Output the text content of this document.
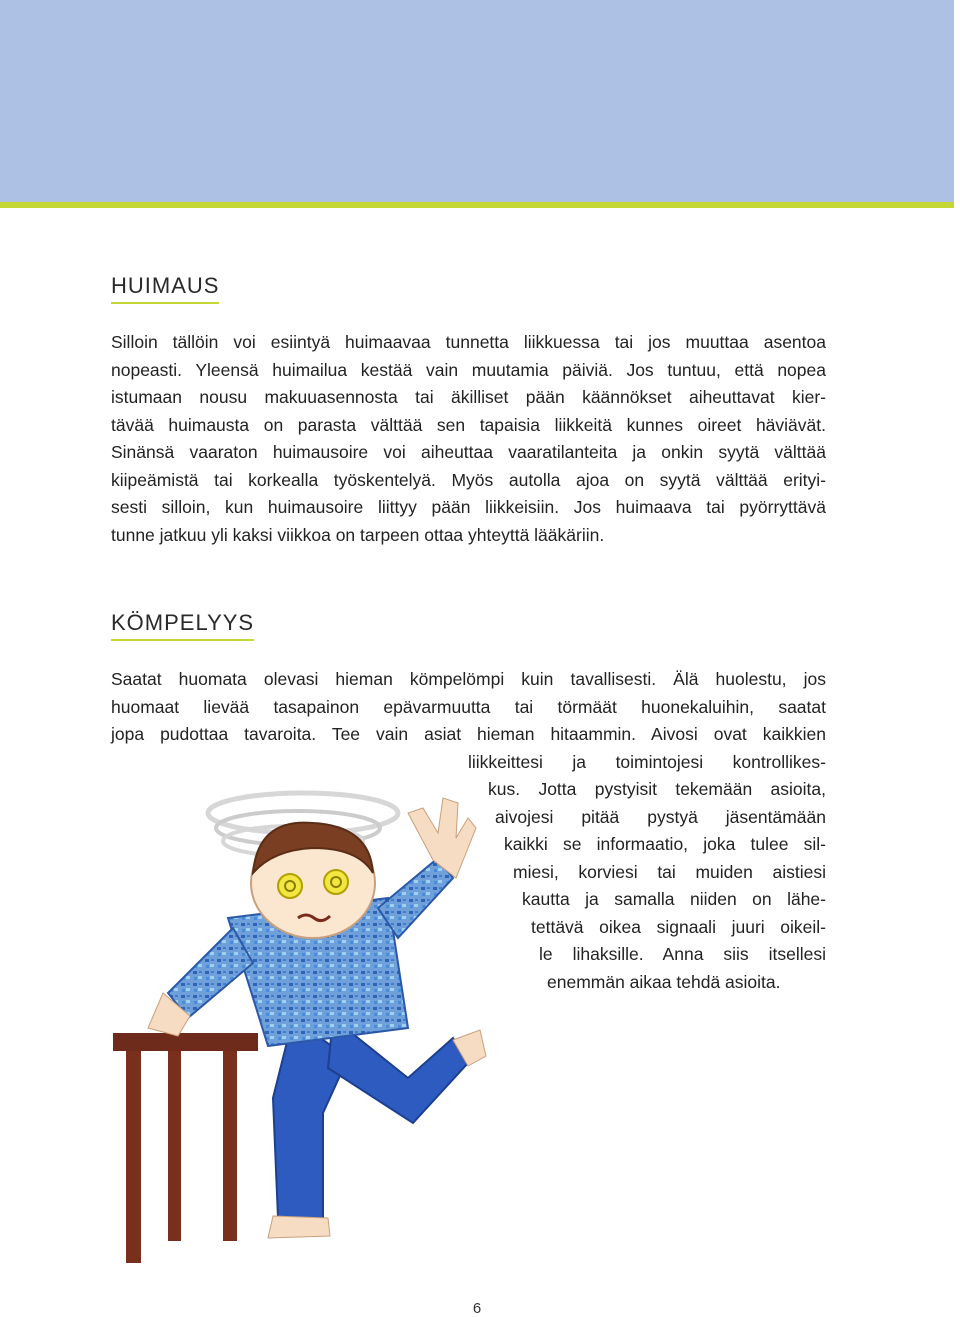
HUIMAUS
Silloin tällöin voi esiintyä huimaavaa tunnetta liikkuessa tai jos muuttaa asentoa
nopeasti. Yleensä huimailua kestää vain muutamia päiviä. Jos tuntuu, että nopea
istumaan nousu makuuasennosta tai äkilliset pään käännökset aiheuttavat kier-
tävää huimausta on parasta välttää sen tapaisia liikkeitä kunnes oireet häviävät.
Sinänsä vaaraton huimausoire voi aiheuttaa vaaratilanteita ja onkin syytä välttää
kiipeämistä tai korkealla työskentelyä. Myös autolla ajoa on syytä välttää erityi-
sesti silloin, kun huimausoire liittyy pään liikkeisiin. Jos huimaava tai pyörryttävä
tunne jatkuu yli kaksi viikkoa on tarpeen ottaa yhteyttä lääkäriin.
KÖMPELYYS
Saatat huomata olevasi hieman kömpelömpi kuin tavallisesti. Älä huolestu, jos
huomaat lievää tasapainon epävarmuutta tai törmäät huonekaluihin, saatat
jopa pudottaa tavaroita. Tee vain asiat hieman hitaammin. Aivosi ovat kaikkien
liikkeittesi ja toimintojesi kontrollikes-
kus. Jotta pystyisit tekemään asioita,
aivojesi pitää pystyä jäsentämään
kaikki se informaatio, joka tulee sil-
miesi, korviesi tai muiden aistiesi
kautta ja samalla niiden on lähe-
tettävä oikea signaali juuri oikeil-
le lihaksille. Anna siis itsellesi
enemmän aikaa tehdä asioita.
6
